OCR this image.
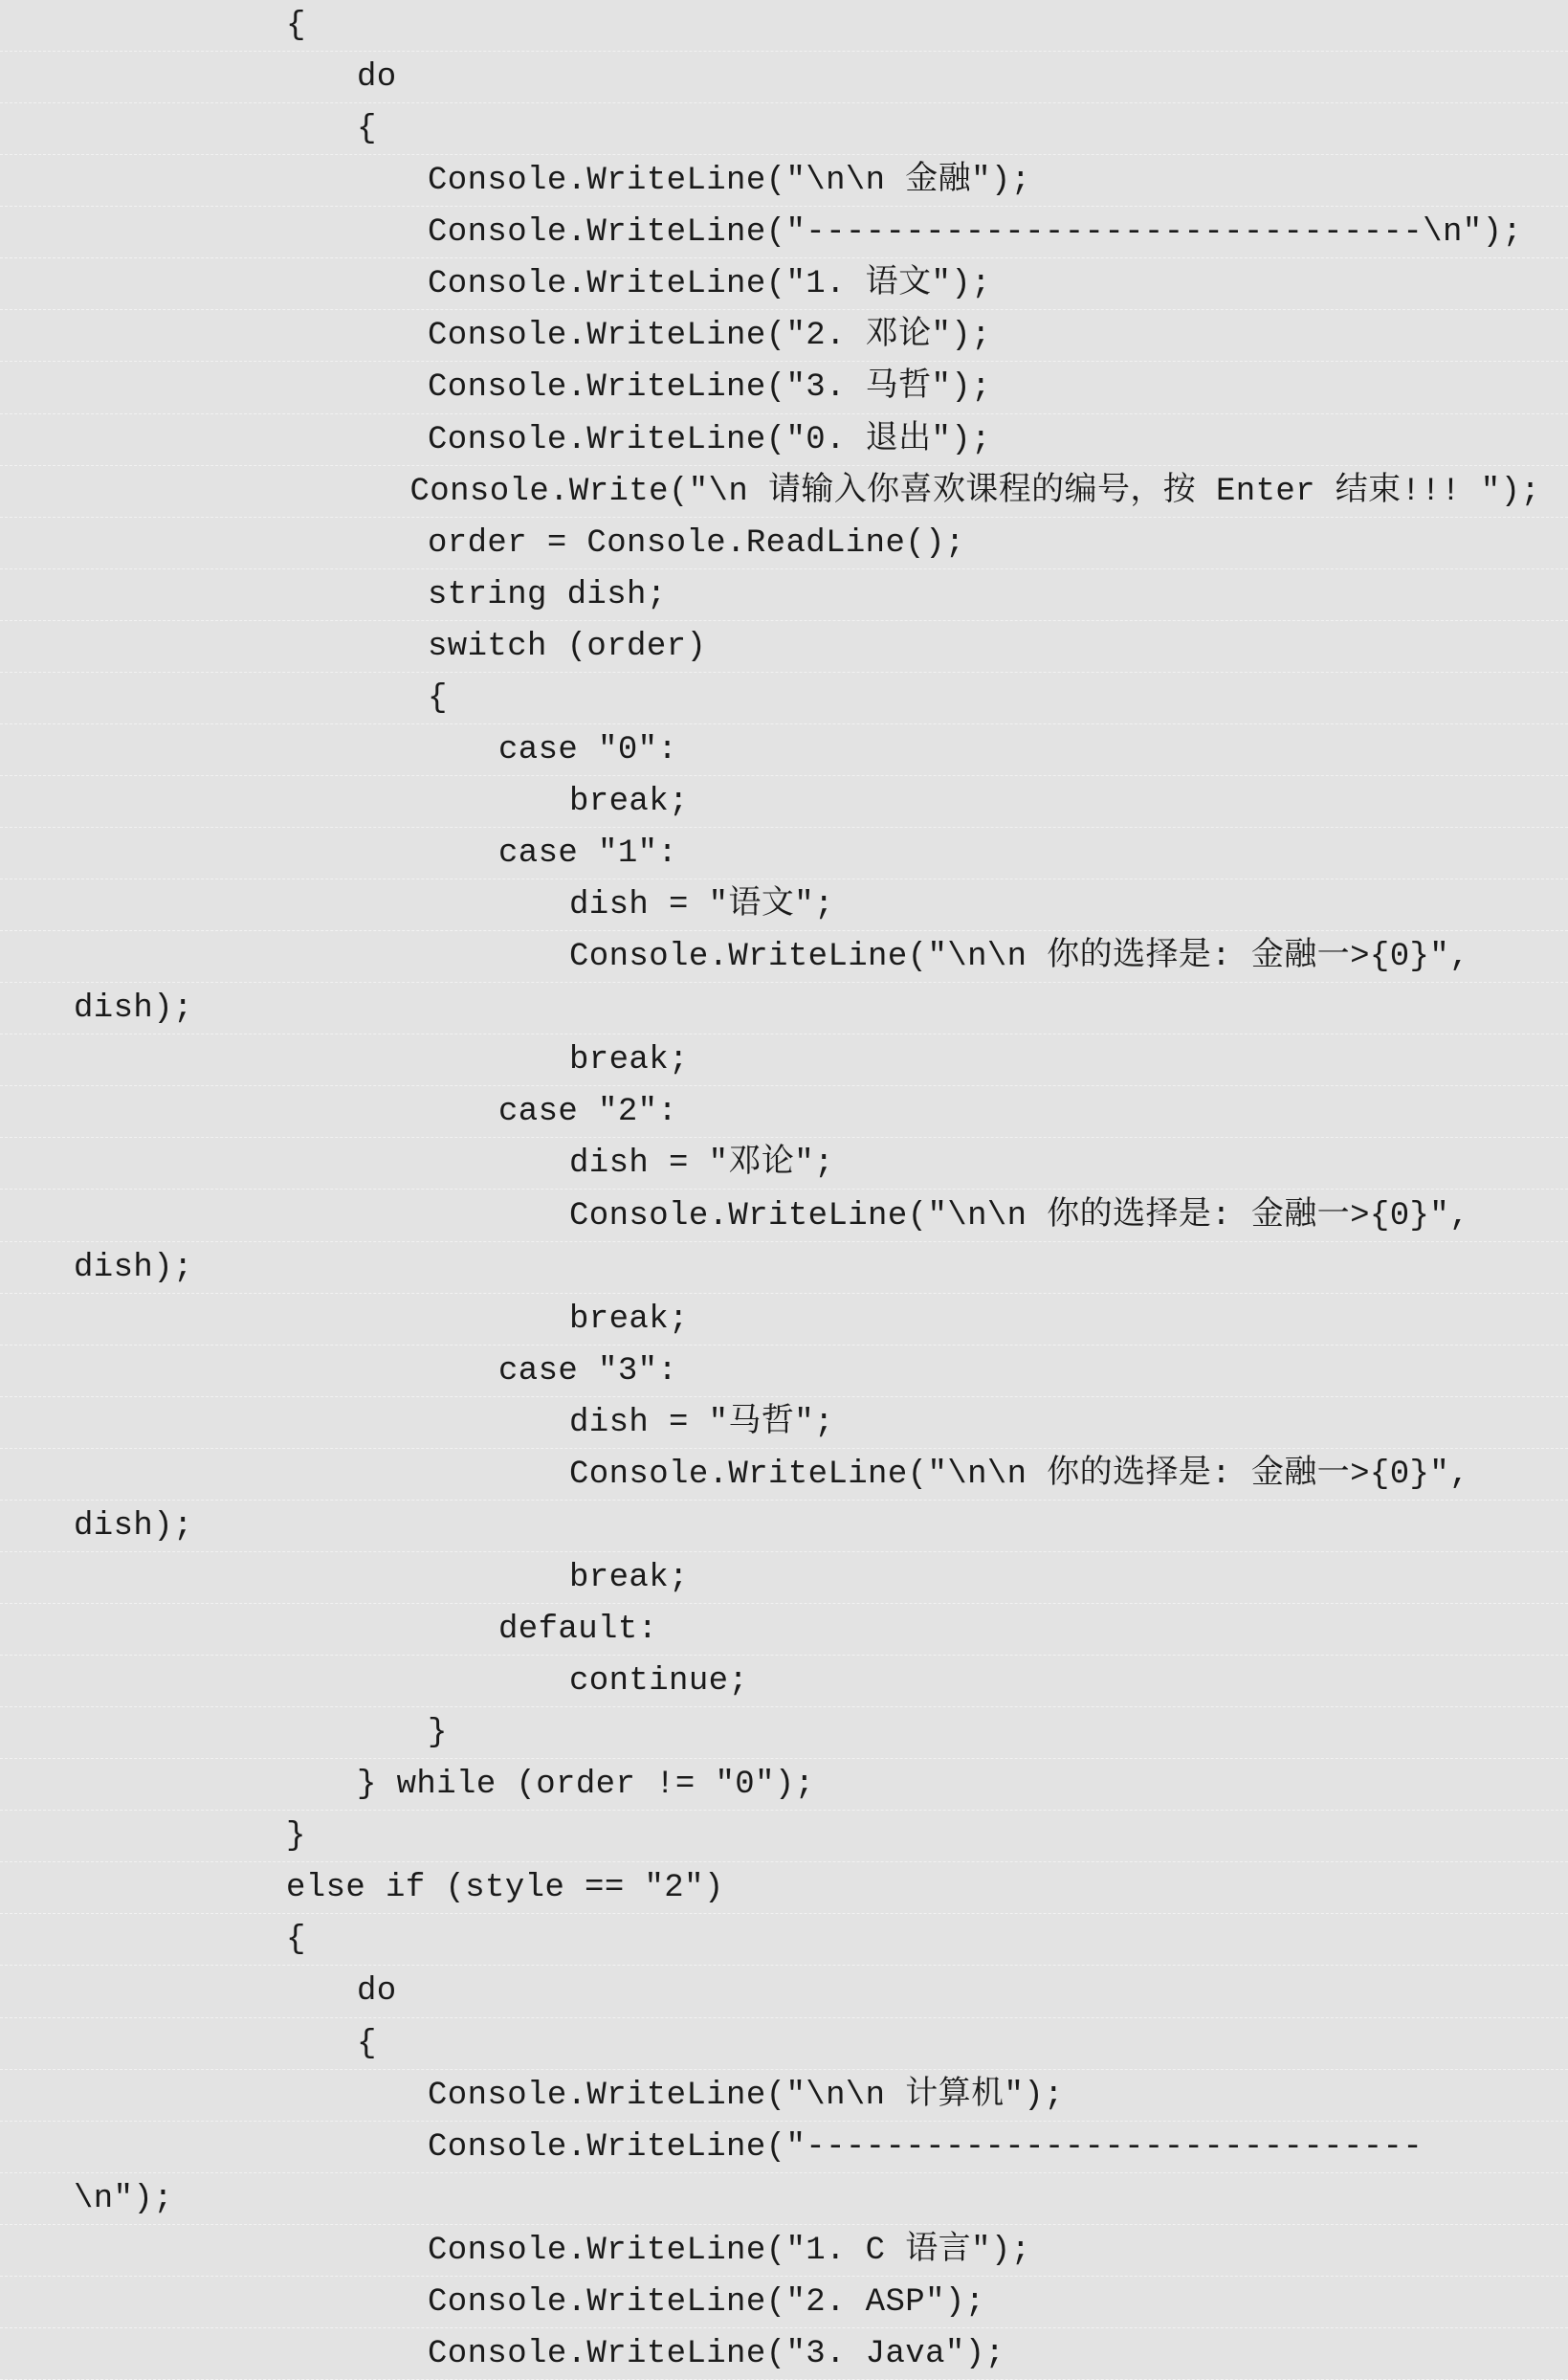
{
do
{
Console.WriteLine("\n\n 金融");
Console.WriteLine("-------------------------------\n");
Console.WriteLine("1. 语文");
Console.WriteLine("2. 邓论");
Console.WriteLine("3. 马哲");
Console.WriteLine("0. 退出");
Console.Write("\n 请输入你喜欢课程的编号，按 Enter 结束!!! ");
order = Console.ReadLine();
string dish;
switch (order)
{
case "0":
break;
case "1":
dish = "语文";
Console.WriteLine("\n\n 你的选择是: 金融一>{0}",
dish);
break;
case "2":
dish = "邓论";
Console.WriteLine("\n\n 你的选择是: 金融一>{0}",
dish);
break;
case "3":
dish = "马哲";
Console.WriteLine("\n\n 你的选择是: 金融一>{0}",
dish);
break;
default:
continue;
}
} while (order != "0");
}
else if (style == "2")
{
do
{
Console.WriteLine("\n\n 计算机");
Console.WriteLine("-------------------------------
\n");
Console.WriteLine("1. C 语言");
Console.WriteLine("2. ASP");
Console.WriteLine("3. Java");
